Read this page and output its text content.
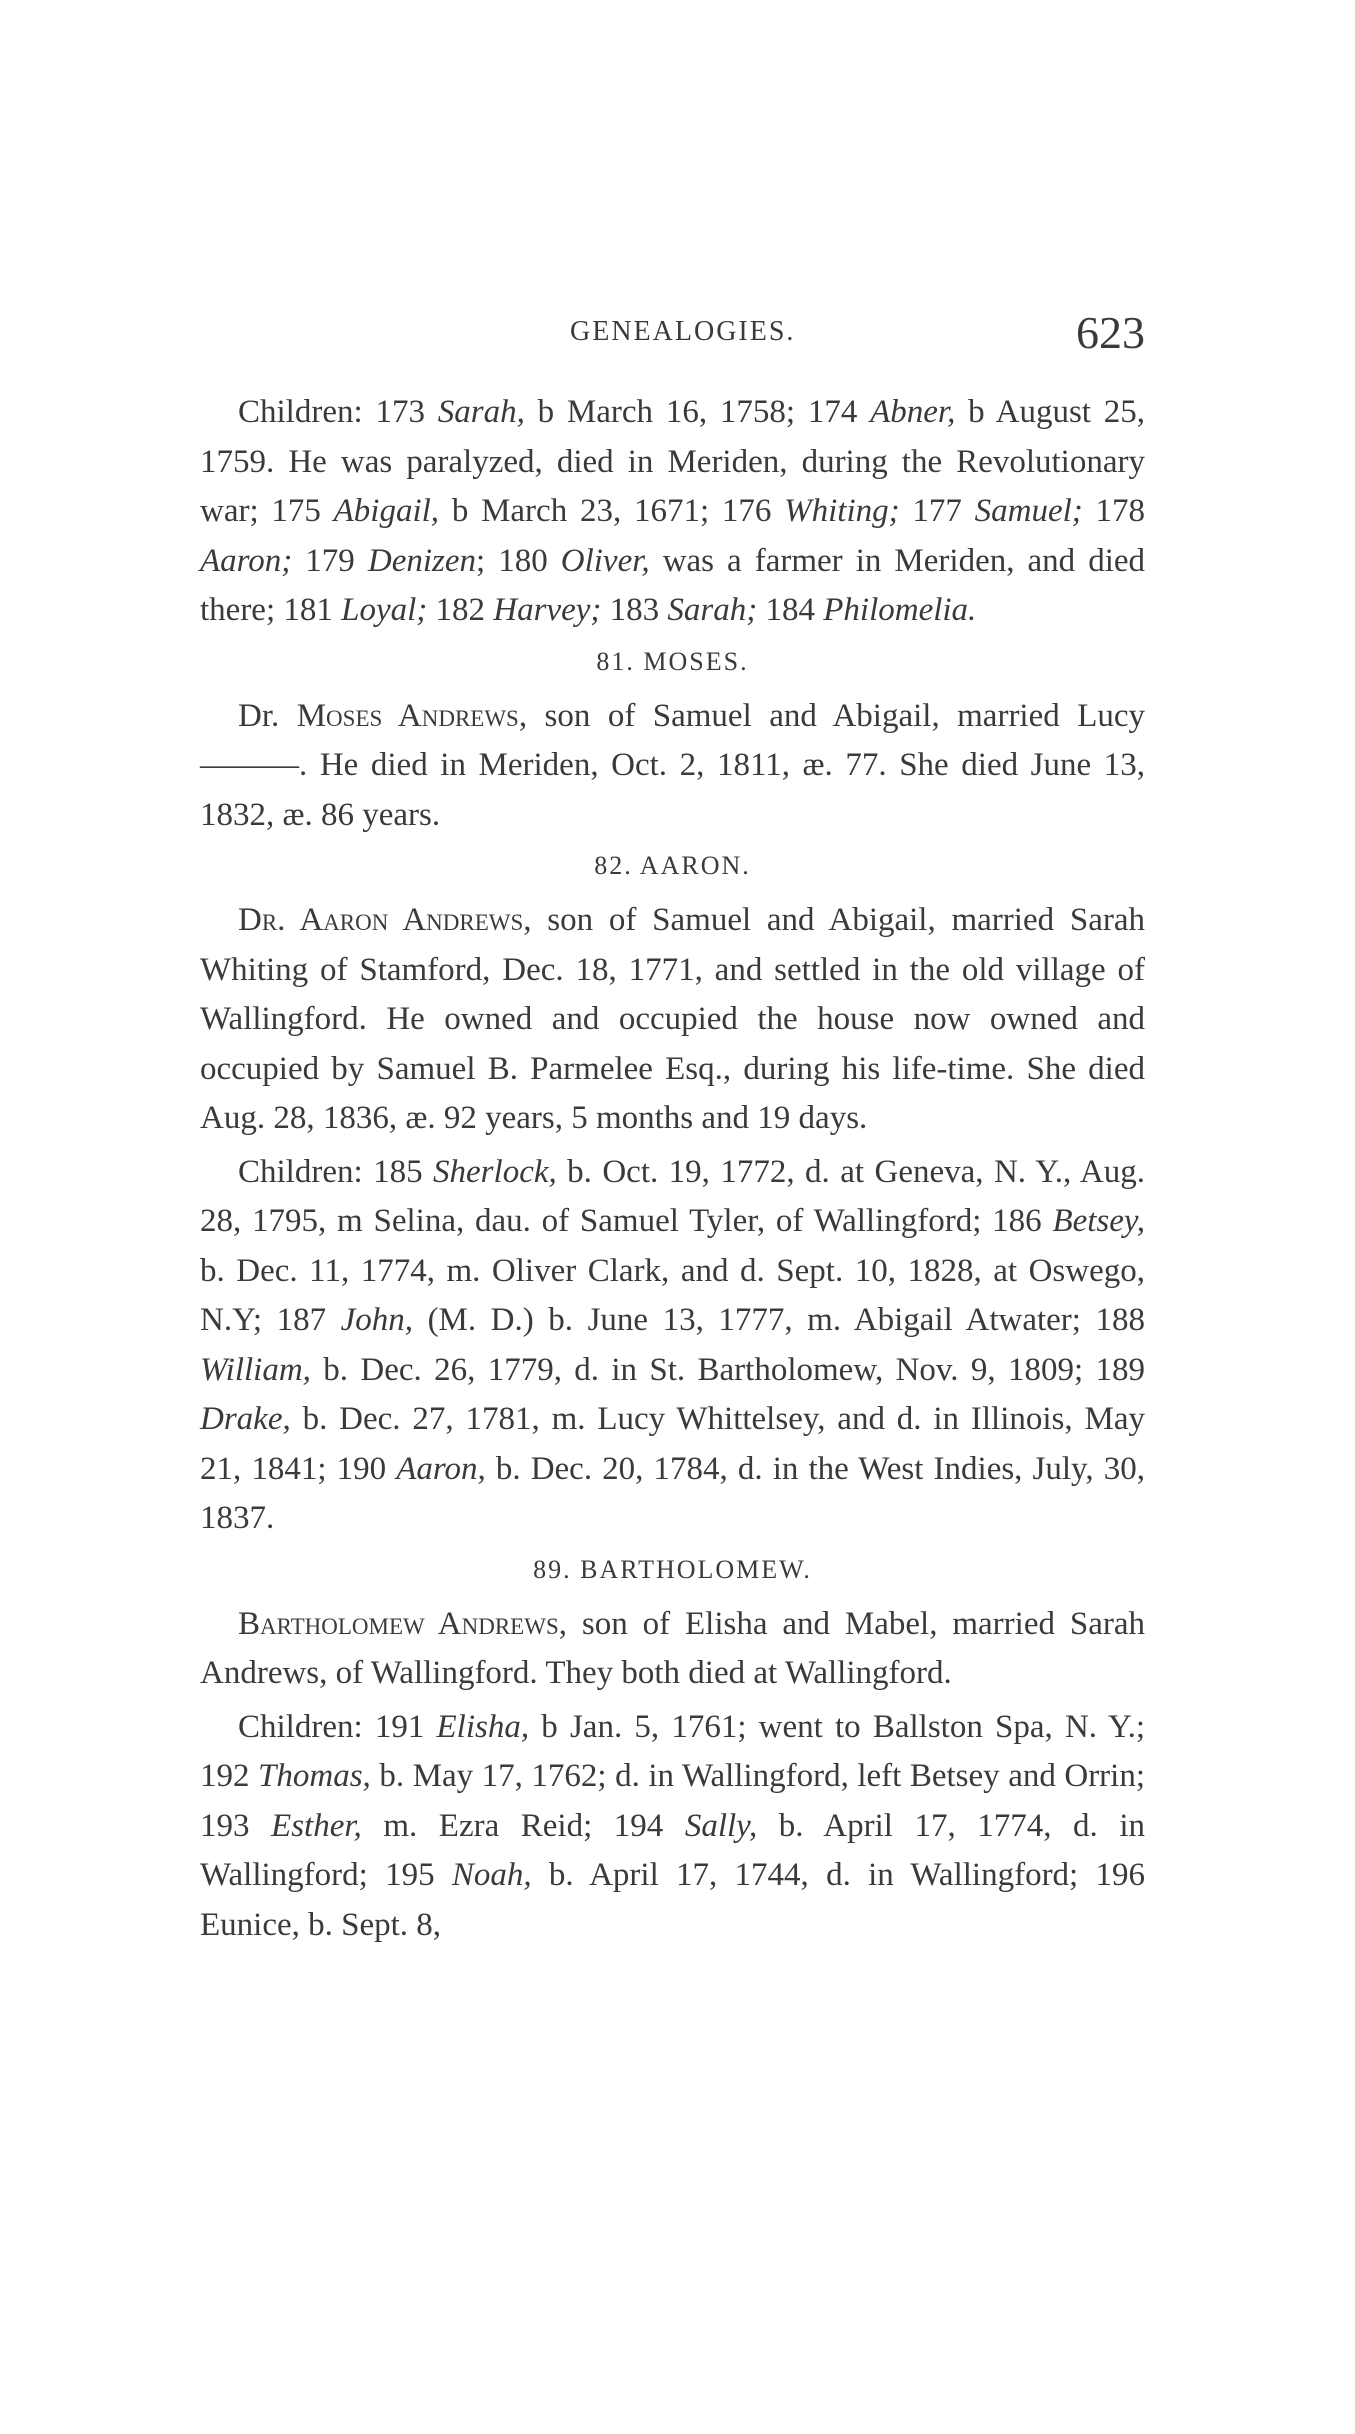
GENEALOGIES.	623

Children: 173 Sarah, b March 16, 1758; 174 Abner, b August 25, 1759. He was paralyzed, died in Meriden, during the Revolutionary war; 175 Abigail, b March 23, 1671; 176 Whiting; 177 Samuel; 178 Aaron; 179 Denizen; 180 Oliver, was a farmer in Meriden, and died there; 181 Loyal; 182 Harvey; 183 Sarah; 184 Philomelia.

81. MOSES.

Dr. Moses Andrews, son of Samuel and Abigail, married Lucy ———. He died in Meriden, Oct. 2, 1811, æ. 77. She died June 13, 1832, æ. 86 years.

82. AARON.

Dr. Aaron Andrews, son of Samuel and Abigail, married Sarah Whiting of Stamford, Dec. 18, 1771, and settled in the old village of Wallingford. He owned and occupied the house now owned and occupied by Samuel B. Parmelee Esq., during his life-time. She died Aug. 28, 1836, æ. 92 years, 5 months and 19 days.

Children: 185 Sherlock, b. Oct. 19, 1772, d. at Geneva, N. Y., Aug. 28, 1795, m Selina, dau. of Samuel Tyler, of Wallingford; 186 Betsey, b. Dec. 11, 1774, m. Oliver Clark, and d. Sept. 10, 1828, at Oswego, N.Y; 187 John, (M. D.) b. June 13, 1777, m. Abigail Atwater; 188 William, b. Dec. 26, 1779, d. in St. Bartholomew, Nov. 9, 1809; 189 Drake, b. Dec. 27, 1781, m. Lucy Whittelsey, and d. in Illinois, May 21, 1841; 190 Aaron, b. Dec. 20, 1784, d. in the West Indies, July, 30, 1837.

89. BARTHOLOMEW.

Bartholomew Andrews, son of Elisha and Mabel, married Sarah Andrews, of Wallingford. They both died at Wallingford.

Children: 191 Elisha, b Jan. 5, 1761; went to Ballston Spa, N. Y.; 192 Thomas, b. May 17, 1762; d. in Wallingford, left Betsey and Orrin; 193 Esther, m. Ezra Reid; 194 Sally, b. April 17, 1774, d. in Wallingford; 195 Noah, b. April 17, 1744, d. in Wallingford; 196 Eunice, b. Sept. 8,
